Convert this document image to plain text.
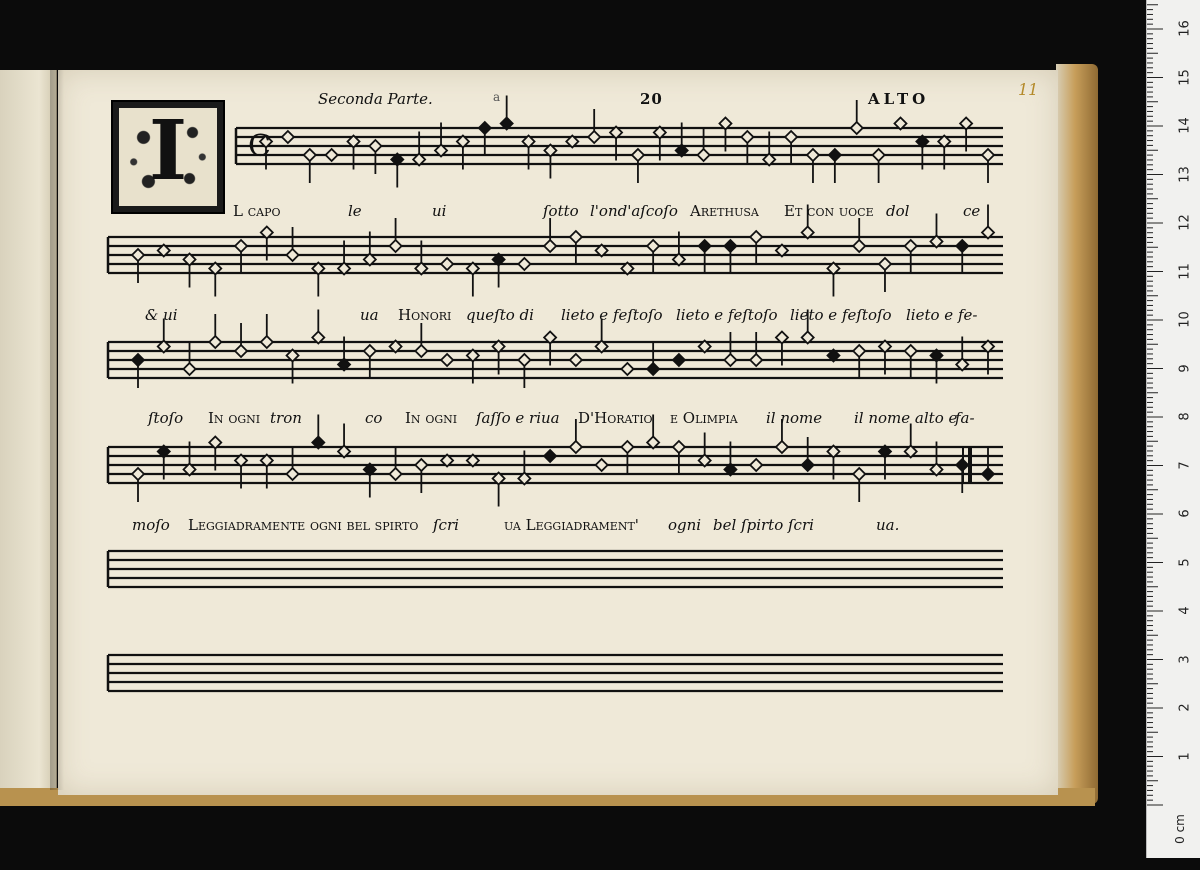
Seconda Parte.	a	20	ALTO	11
I	C
L capo	le	ui	ſotto l'ond'aſcoſo Arethuſa Et con uoce dol	ce
& ui	ua Honori queſto di lieto e feſtoſo lieto e feſtoſo lieto e feſtoſo lieto e fe-
ſtoſo In ogni tron	co In ogni ſaſſo e riua D'Horatio e Olimpia il nome il nome alto e
fa-
moſo Leggiadramente ogni bel ſpirto ſcri	ua Leggiadrament' ogni bel ſpirto ſcri	ua.
0 cm
1
2
3
4
5
6
7
8
9
10
11
12
13
14
15
16
